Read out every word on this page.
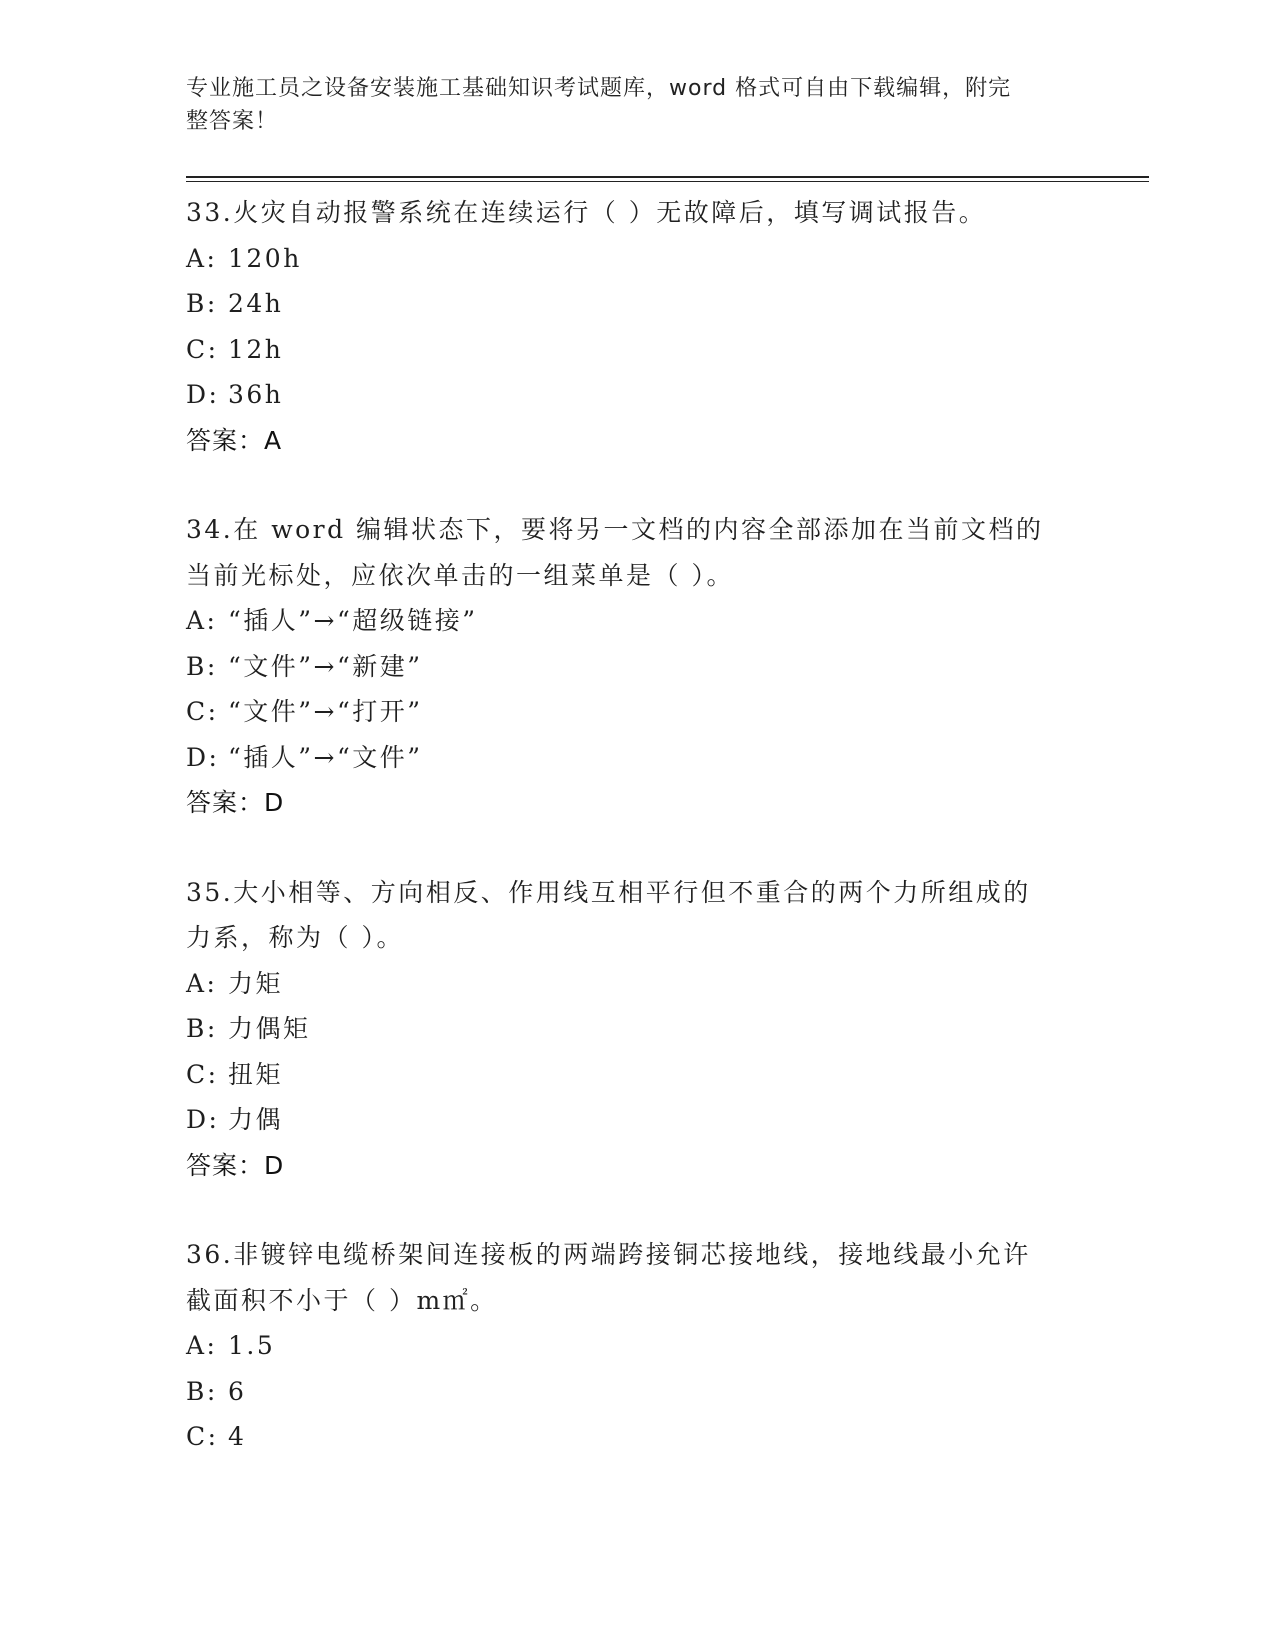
专业施工员之设备安装施工基础知识考试题库，word 格式可自由下载编辑，附完
整答案！
33.火灾自动报警系统在连续运行（ ）无故障后，填写调试报告。
A: 120h
B: 24h
C: 12h
D: 36h
答案：A
34.在 word 编辑状态下，要将另一文档的内容全部添加在当前文档的
当前光标处，应依次单击的一组菜单是（ ）。
A: “插人”→“超级链接”
B: “文件”→“新建”
C: “文件”→“打开”
D: “插人”→“文件”
答案：D
35.大小相等、方向相反、作用线互相平行但不重合的两个力所组成的
力系，称为（ ）。
A: 力矩
B: 力偶矩
C: 扭矩
D: 力偶
答案：D
36.非镀锌电缆桥架间连接板的两端跨接铜芯接地线，接地线最小允许
截面积不小于（ ）m㎡。
A: 1.5
B: 6
C: 4
